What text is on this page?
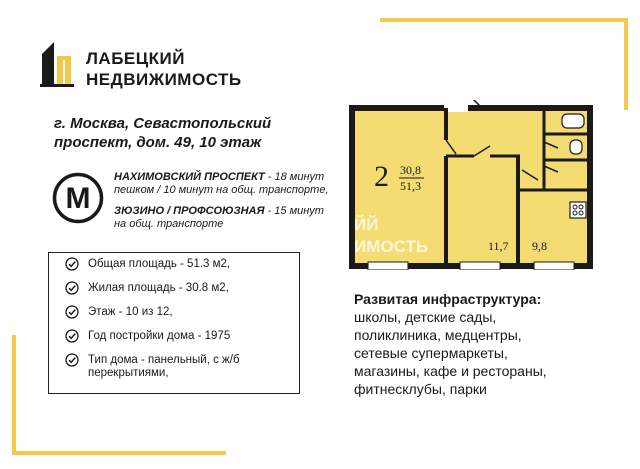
ЛАБЕЦКИЙ
НЕДВИЖИМОСТЬ
г. Москва, Севастопольский
проспект, дом. 49, 10 этаж
М
НАХИМОВСКИЙ ПРОСПЕКТ - 18 минут
пешком / 10 минут на общ. транспорте,
ЗЮЗИНО / ПРОФСОЮЗНАЯ - 15 минут
на общ. транспорте
Общая площадь - 51.3 м2,
Жилая площадь - 30.8 м2,
Этаж - 10 из 12,
Год постройки дома - 1975
Тип дома - панельный, с ж/б перекрытиями,
ЙЙ
ИМОСТЬ
2 30,8
51,3
11,7 9,8
Развитая инфраструктура:
школы, детские сады,
поликлиника, медцентры,
сетевые супермаркеты,
магазины, кафе и рестораны,
фитнесклубы, парки
